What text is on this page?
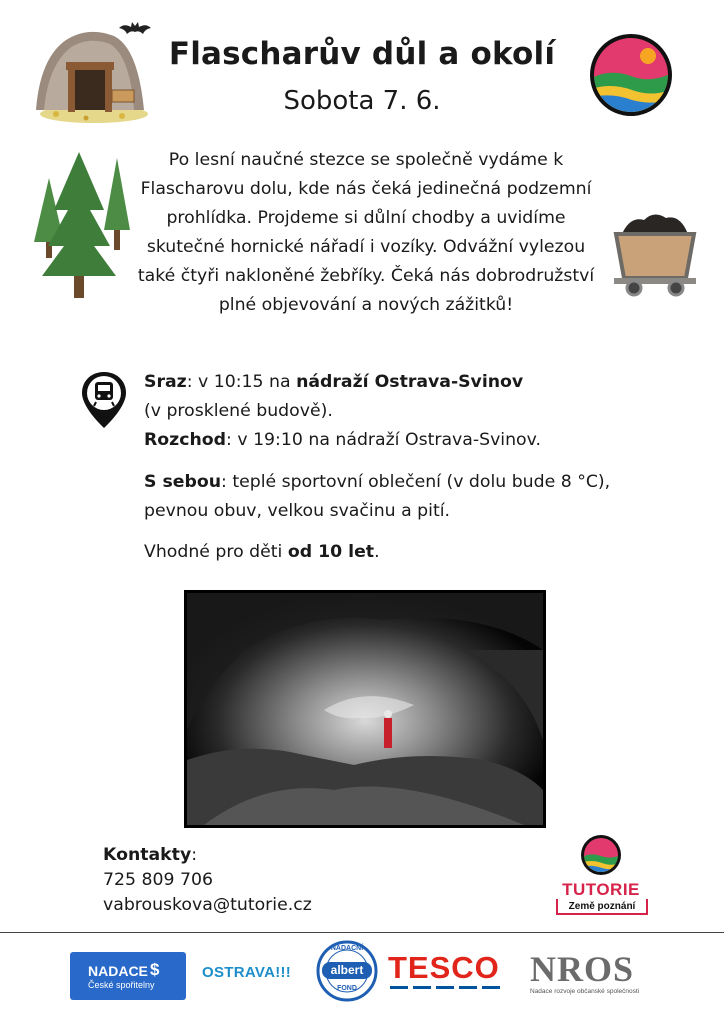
Flascharův důl a okolí
Sobota 7. 6.
Po lesní naučné stezce se společně vydáme k Flascharovu dolu, kde nás čeká jedinečná podzemní prohlídka. Projdeme si důlní chodby a uvidíme skutečné hornické nářadí i vozíky. Odvážní vylezou také čtyři nakloněné žebříky. Čeká nás dobrodružství plné objevování a nových zážitků!
Sraz: v 10:15 na nádraží Ostrava-Svinov
(v prosklené budově).
Rozchod: v 19:10 na nádraží Ostrava-Svinov.
S sebou: teplé sportovní oblečení (v dolu bude 8 °C), pevnou obuv, velkou svačinu a pití.
Vhodné pro děti od 10 let.
Kontakty:
725 809 706
vabrouskova@tutorie.cz
TUTORIE
Země poznání
NADACE $
České spořitelny
OSTRAVA!!!
NADAČNÍ
albert
FOND
TESCO NROS
Nadace rozvoje občanské společnosti
